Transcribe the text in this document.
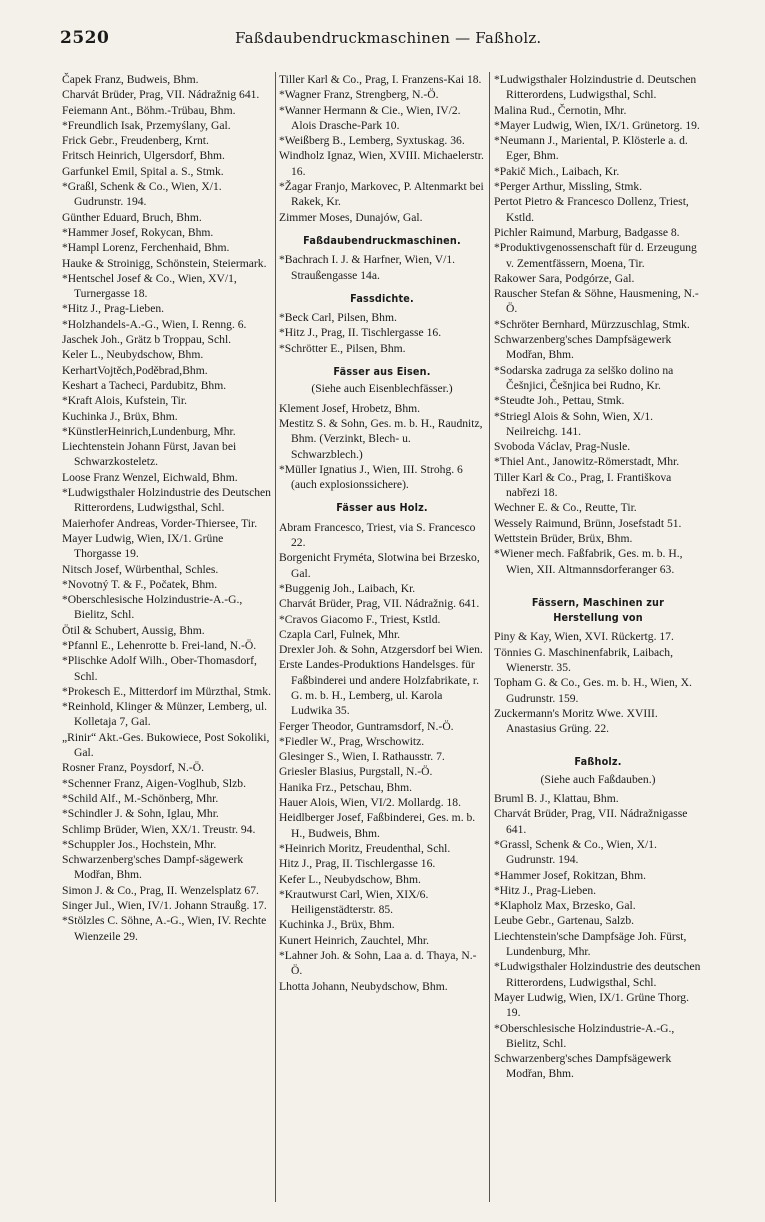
2520	Faßdaubendruckmaschinen — Faßholz.

Čapek Franz, Budweis, Bhm.

Charvát Brüder, Prag, VII. Nádražnig 641.

Feiemann Ant., Böhm.-Trübau, Bhm.

*Freundlich Isak, Przemyślany, Gal.

Frick Gebr., Freudenberg, Krnt.

Fritsch Heinrich, Ulgersdorf, Bhm.

Garfunkel Emil, Spital a. S., Stmk.

*Graßl, Schenk & Co., Wien, X/1. Gudrunstr. 194.

Günther Eduard, Bruch, Bhm.

*Hammer Josef, Rokycan, Bhm.

*Hampl Lorenz, Ferchenhaid, Bhm.

Hauke & Stroinigg, Schönstein, Steiermark.

*Hentschel Josef & Co., Wien, XV/1, Turnergasse 18.

*Hitz J., Prag-Lieben.

*Holzhandels-A.-G., Wien, I. Renng. 6.

Jaschek Joh., Grätz b Troppau, Schl.

Keler L., Neubydschow, Bhm.

KerhartVojtěch,Poděbrad,Bhm.

Keshart a Tacheci, Pardubitz, Bhm.

*Kraft Alois, Kufstein, Tir.

Kuchinka J., Brüx, Bhm.

*KünstlerHeinrich,Lundenburg, Mhr.

Liechtenstein Johann Fürst, Javan bei Schwarzkosteletz.

Loose Franz Wenzel, Eichwald, Bhm.

*Ludwigsthaler Holzindustrie des Deutschen Ritterordens, Ludwigsthal, Schl.

Maierhofer Andreas, Vorder-Thiersee, Tir.

Mayer Ludwig, Wien, IX/1. Grüne Thorgasse 19.

Nitsch Josef, Würbenthal, Schles.

*Novotný T. & F., Počatek, Bhm.

*Oberschlesische Holzindustrie-A.-G., Bielitz, Schl.

Ötil & Schubert, Aussig, Bhm.

*Pfannl E., Lehenrotte b. Frei-land, N.-Ö.

*Plischke Adolf Wilh., Ober-Thomasdorf, Schl.

*Prokesch E., Mitterdorf im Mürzthal, Stmk.

*Reinhold, Klinger & Münzer, Lemberg, ul. Kolletaja 7, Gal.

„Rinir“ Akt.-Ges. Bukowiece, Post Sokoliki, Gal.

Rosner Franz, Poysdorf, N.-Ö.

*Schenner Franz, Aigen-Voglhub, Slzb.

*Schild Alf., M.-Schönberg, Mhr.

*Schindler J. & Sohn, Iglau, Mhr.

Schlimp Brüder, Wien, XX/1. Treustr. 94.

*Schuppler Jos., Hochstein, Mhr.

Schwarzenberg'sches Dampf-sägewerk Modřan, Bhm.

Simon J. & Co., Prag, II. Wenzelsplatz 67.

Singer Jul., Wien, IV/1. Johann Straußg. 17.

*Stölzles C. Söhne, A.-G., Wien, IV. Rechte Wienzeile 29.

Tiller Karl & Co., Prag, I. Franzens-Kai 18.

*Wagner Franz, Strengberg, N.-Ö.

*Wanner Hermann & Cie., Wien, IV/2. Alois Drasche-Park 10.

*Weißberg B., Lemberg, Syxtuskag. 36.

Windholz Ignaz, Wien, XVIII. Michaelerstr. 16.

*Žagar Franjo, Markovec, P. Altenmarkt bei Rakek, Kr.

Zimmer Moses, Dunajów, Gal.

Faßdaubendruckmaschinen.

*Bachrach I. J. & Harfner, Wien, V/1. Straußengasse 14a.

Fassdichte.

*Beck Carl, Pilsen, Bhm.

*Hitz J., Prag, II. Tischlergasse 16.

*Schrötter E., Pilsen, Bhm.

Fässer aus Eisen.
(Siehe auch Eisenblechfässer.)

Klement Josef, Hrobetz, Bhm.

Mestitz S. & Sohn, Ges. m. b. H., Raudnitz, Bhm. (Verzinkt, Blech- u. Schwarzblech.)

*Müller Ignatius J., Wien, III. Strohg. 6 (auch explosionssichere).

Fässer aus Holz.

Abram Francesco, Triest, via S. Francesco 22.

Borgenicht Fryméta, Slotwina bei Brzesko, Gal.

*Buggenig Joh., Laibach, Kr.

Charvát Brüder, Prag, VII. Nádražnig. 641.

*Cravos Giacomo F., Triest, Kstld.

Czapla Carl, Fulnek, Mhr.

Drexler Joh. & Sohn, Atzgersdorf bei Wien.

Erste Landes-Produktions Handelsges. für Faßbinderei und andere Holzfabrikate, r. G. m. b. H., Lemberg, ul. Karola Ludwika 35.

Ferger Theodor, Guntramsdorf, N.-Ö.

*Fiedler W., Prag, Wrschowitz.

Glesinger S., Wien, I. Rathausstr. 7.

Griesler Blasius, Purgstall, N.-Ö.

Hanika Frz., Petschau, Bhm.

Hauer Alois, Wien, VI/2. Mollardg. 18.

Heidlberger Josef, Faßbinderei, Ges. m. b. H., Budweis, Bhm.

*Heinrich Moritz, Freudenthal, Schl.

Hitz J., Prag, II. Tischlergasse 16.

Kefer L., Neubydschow, Bhm.

*Krautwurst Carl, Wien, XIX/6. Heiligenstädterstr. 85.

Kuchinka J., Brüx, Bhm.

Kunert Heinrich, Zauchtel, Mhr.

*Lahner Joh. & Sohn, Laa a. d. Thaya, N.-Ö.

Lhotta Johann, Neubydschow, Bhm.

*Ludwigsthaler Holzindustrie d. Deutschen Ritterordens, Ludwigsthal, Schl.

Malina Rud., Černotin, Mhr.

*Mayer Ludwig, Wien, IX/1. Grünetorg. 19.

*Neumann J., Mariental, P. Klösterle a. d. Eger, Bhm.

*Pakič Mich., Laibach, Kr.

*Perger Arthur, Missling, Stmk.

Pertot Pietro & Francesco Dollenz, Triest, Kstld.

Pichler Raimund, Marburg, Badgasse 8.

*Produktivgenossenschaft für d. Erzeugung v. Zementfässern, Moena, Tir.

Rakower Sara, Podgórze, Gal.

Rauscher Stefan & Söhne, Hausmening, N.-Ö.

*Schröter Bernhard, Mürzzuschlag, Stmk.

Schwarzenberg'sches Dampfsägewerk Modřan, Bhm.

*Sodarska zadruga za selško dolino na Češnjici, Češnjica bei Rudno, Kr.

*Steudte Joh., Pettau, Stmk.

*Striegl Alois & Sohn, Wien, X/1. Neilreichg. 141.

Svoboda Václav, Prag-Nusle.

*Thiel Ant., Janowitz-Römerstadt, Mhr.

Tiller Karl & Co., Prag, I. Františkova nabřezi 18.

Wechner E. & Co., Reutte, Tir.

Wessely Raimund, Brünn, Josefstadt 51.

Wettstein Brüder, Brüx, Bhm.

*Wiener mech. Faßfabrik, Ges. m. b. H., Wien, XII. Altmannsdorferanger 63.

Fässern, Maschinen zur Herstellung von

Piny & Kay, Wien, XVI. Rückertg. 17.

Tönnies G. Maschinenfabrik, Laibach, Wienerstr. 35.

Topham G. & Co., Ges. m. b. H., Wien, X. Gudrunstr. 159.

Zuckermann's Moritz Wwe. XVIII. Anastasius Grüng. 22.

Faßholz.
(Siehe auch Faßdauben.)

Bruml B. J., Klattau, Bhm.

Charvát Brüder, Prag, VII. Nádražnigasse 641.

*Grassl, Schenk & Co., Wien, X/1. Gudrunstr. 194.

*Hammer Josef, Rokitzan, Bhm.

*Hitz J., Prag-Lieben.

*Klapholz Max, Brzesko, Gal.

Leube Gebr., Gartenau, Salzb.

Liechtenstein'sche Dampfsäge Joh. Fürst, Lundenburg, Mhr.

*Ludwigsthaler Holzindustrie des deutschen Ritterordens, Ludwigsthal, Schl.

Mayer Ludwig, Wien, IX/1. Grüne Thorg. 19.

*Oberschlesische Holzindustrie-A.-G., Bielitz, Schl.

Schwarzenberg'sches Dampfsägewerk Modřan, Bhm.
